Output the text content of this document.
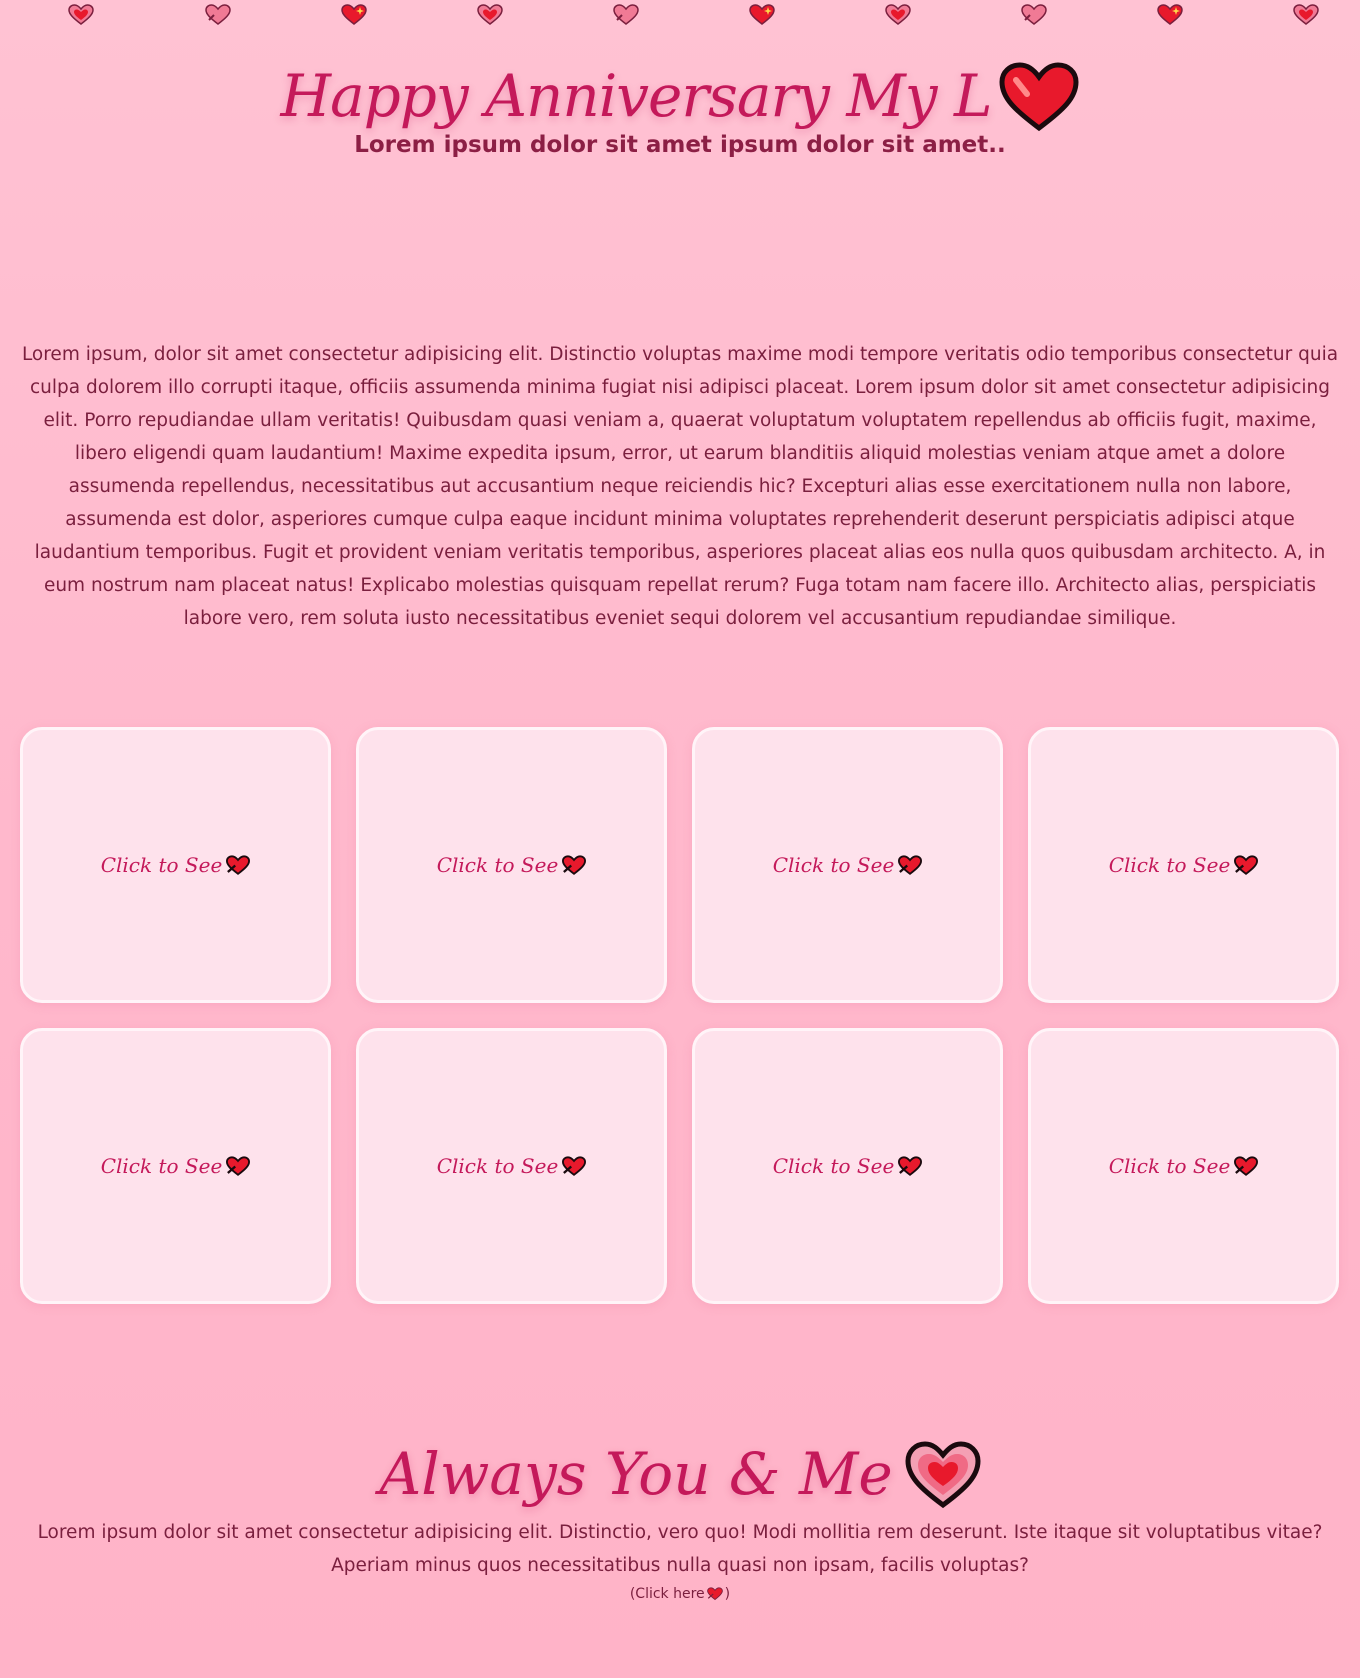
Happy Anniversary My L
Lorem ipsum dolor sit amet ipsum dolor sit amet..
Lorem ipsum, dolor sit amet consectetur adipisicing elit. Distinctio voluptas maxime modi tempore veritatis odio temporibus consectetur quia culpa dolorem illo corrupti itaque, officiis assumenda minima fugiat nisi adipisci placeat. Lorem ipsum dolor sit amet consectetur adipisicing elit. Porro repudiandae ullam veritatis! Quibusdam quasi veniam a, quaerat voluptatum voluptatem repellendus ab officiis fugit, maxime, libero eligendi quam laudantium! Maxime expedita ipsum, error, ut earum blanditiis aliquid molestias veniam atque amet a dolore assumenda repellendus, necessitatibus aut accusantium neque reiciendis hic? Excepturi alias esse exercitationem nulla non labore, assumenda est dolor, asperiores cumque culpa eaque incidunt minima voluptates reprehenderit deserunt perspiciatis adipisci atque laudantium temporibus. Fugit et provident veniam veritatis temporibus, asperiores placeat alias eos nulla quos quibusdam architecto. A, in eum nostrum nam placeat natus! Explicabo molestias quisquam repellat rerum? Fuga totam nam facere illo. Architecto alias, perspiciatis labore vero, rem soluta iusto necessitatibus eveniet sequi dolorem vel accusantium repudiandae similique.
Click to See	Click to See	Click to See	Click to See
Click to See	Click to See	Click to See	Click to See
Always You & Me
Lorem ipsum dolor sit amet consectetur adipisicing elit. Distinctio, vero quo! Modi mollitia rem deserunt. Iste itaque sit voluptatibus vitae? Aperiam minus quos necessitatibus nulla quasi non ipsam, facilis voluptas?
(Click here )
